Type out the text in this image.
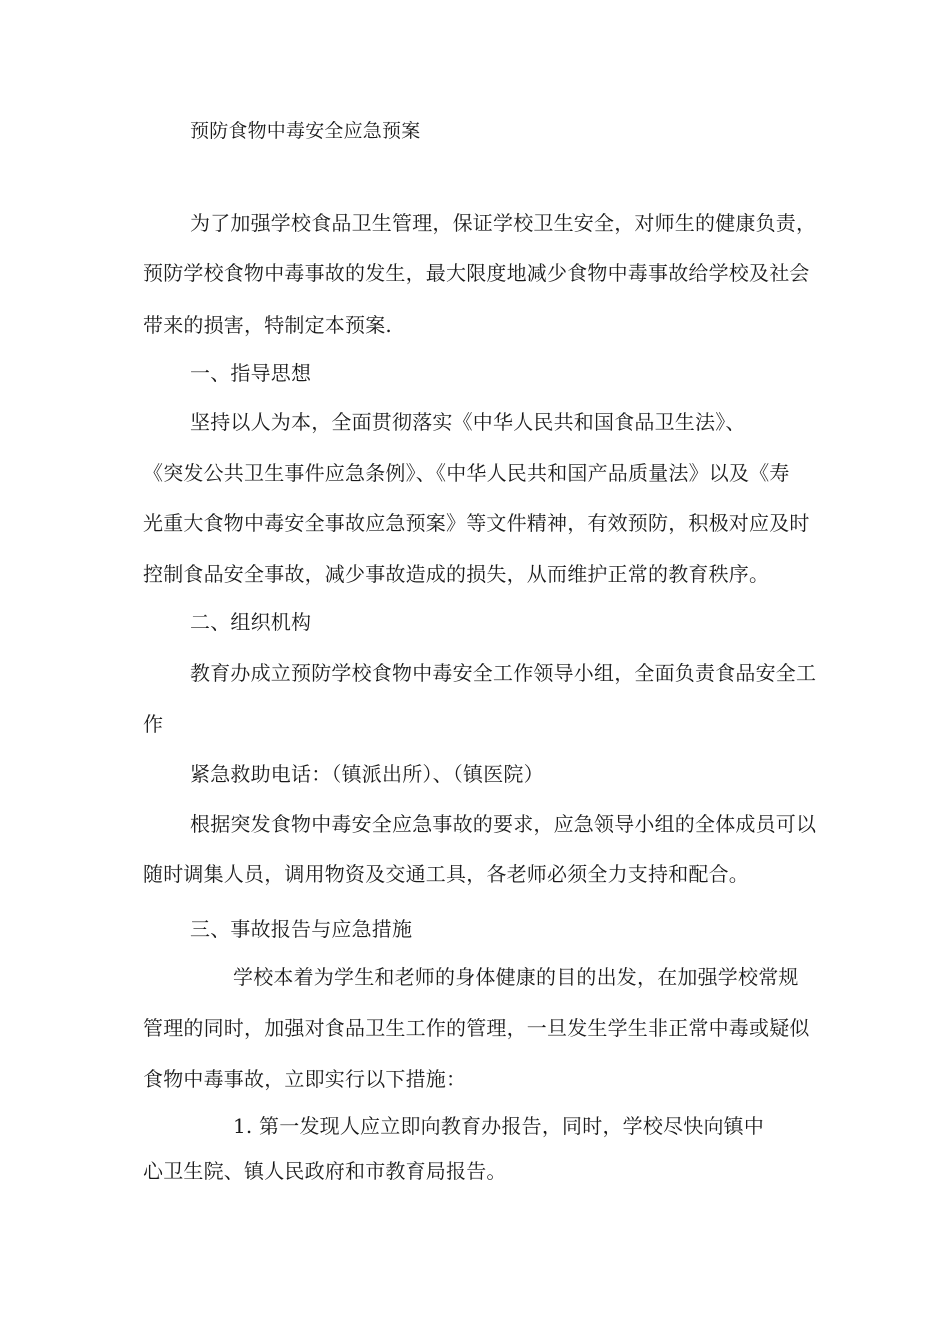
预防食物中毒安全应急预案
为了加强学校食品卫生管理，保证学校卫生安全，对师生的健康负责，
预防学校食物中毒事故的发生，最大限度地减少食物中毒事故给学校及社会
带来的损害，特制定本预案.
一、指导思想
坚持以人为本，全面贯彻落实《中华人民共和国食品卫生法》、
《突发公共卫生事件应急条例》、《中华人民共和国产品质量法》以及《寿
光重大食物中毒安全事故应急预案》等文件精神，有效预防，积极对应及时
控制食品安全事故，减少事故造成的损失，从而维护正常的教育秩序。
二、组织机构
教育办成立预防学校食物中毒安全工作领导小组，全面负责食品安全工
作
紧急救助电话：（镇派出所）、（镇医院）
根据突发食物中毒安全应急事故的要求，应急领导小组的全体成员可以
随时调集人员，调用物资及交通工具，各老师必须全力支持和配合。
三、事故报告与应急措施
学校本着为学生和老师的身体健康的目的出发，在加强学校常规
管理的同时，加强对食品卫生工作的管理，一旦发生学生非正常中毒或疑似
食物中毒事故，立即实行以下措施：
1. 第一发现人应立即向教育办报告，同时，学校尽快向镇中
心卫生院、镇人民政府和市教育局报告。
